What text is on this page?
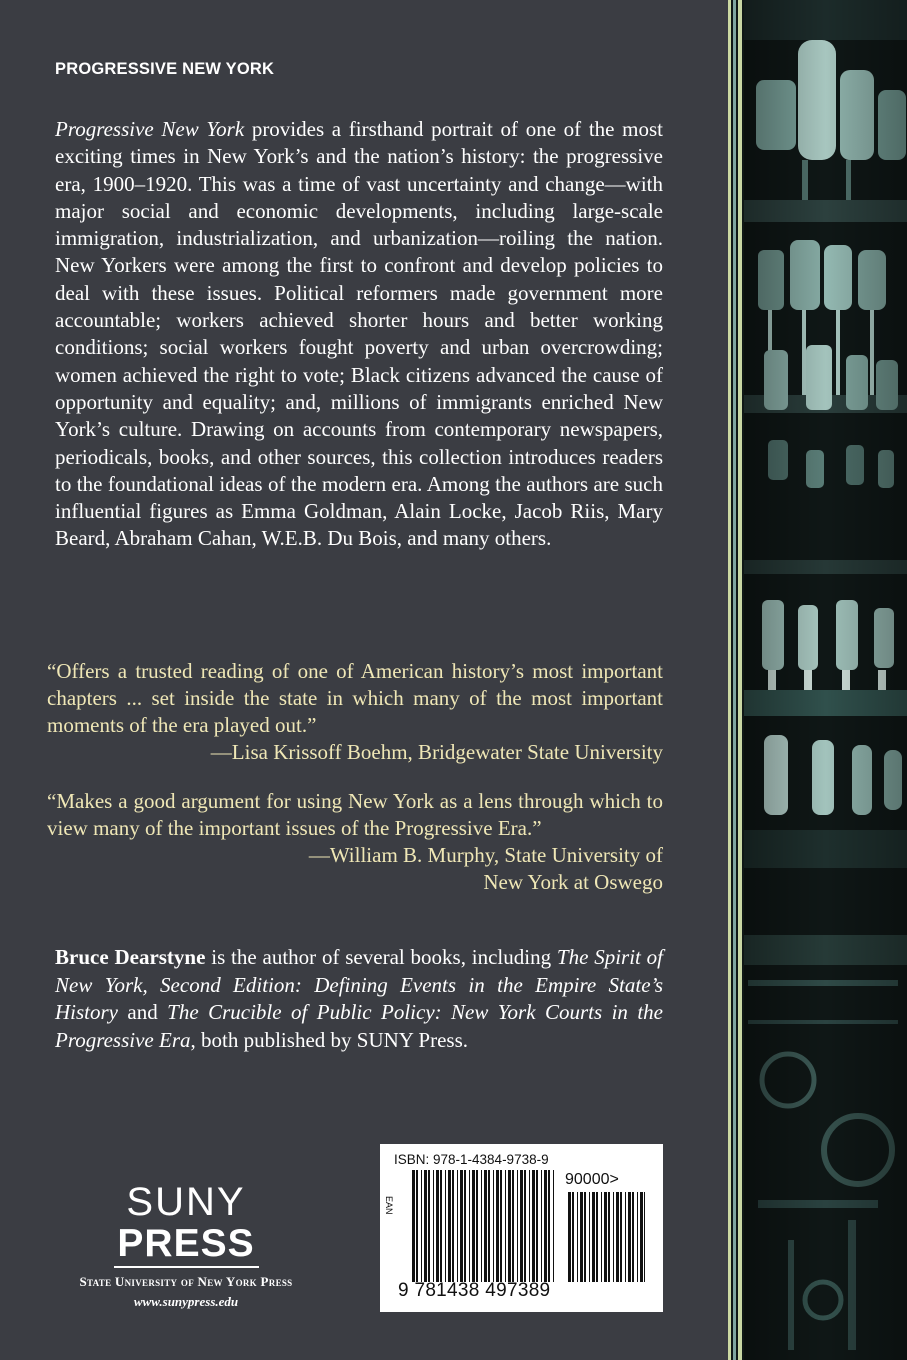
PROGRESSIVE NEW YORK

Progressive New York provides a firsthand portrait of one of the most exciting times in New York’s and the nation’s history: the progressive era, 1900–1920. This was a time of vast uncertainty and change—with major social and economic developments, including large-scale immigration, industrialization, and urbanization—roiling the nation. New Yorkers were among the first to confront and develop policies to deal with these issues. Political reformers made government more accountable; workers achieved shorter hours and better working conditions; social workers fought poverty and urban overcrowding; women achieved the right to vote; Black citizens advanced the cause of opportunity and equality; and, millions of immigrants enriched New York’s culture. Drawing on accounts from contemporary newspapers, periodicals, books, and other sources, this collection introduces readers to the foundational ideas of the modern era. Among the authors are such influential figures as Emma Goldman, Alain Locke, Jacob Riis, Mary Beard, Abraham Cahan, W.E.B. Du Bois, and many others.

“Offers a trusted reading of one of American history’s most important chapters ... set inside the state in which many of the most important moments of the era played out.”
—Lisa Krissoff Boehm, Bridgewater State University
“Makes a good argument for using New York as a lens through which to view many of the important issues of the Progressive Era.”
—William B. Murphy, State University of
New York at Oswego

Bruce Dearstyne is the author of several books, including The Spirit of New York, Second Edition: Defining Events in the Empire State’s History and The Crucible of Public Policy: New York Courts in the Progressive Era, both published by SUNY Press.

SUNY
PRESS
State University of New York Press
www.sunypress.edu
ISBN: 978-1-4384-9738-9
EAN
90000>
9 781438 497389
